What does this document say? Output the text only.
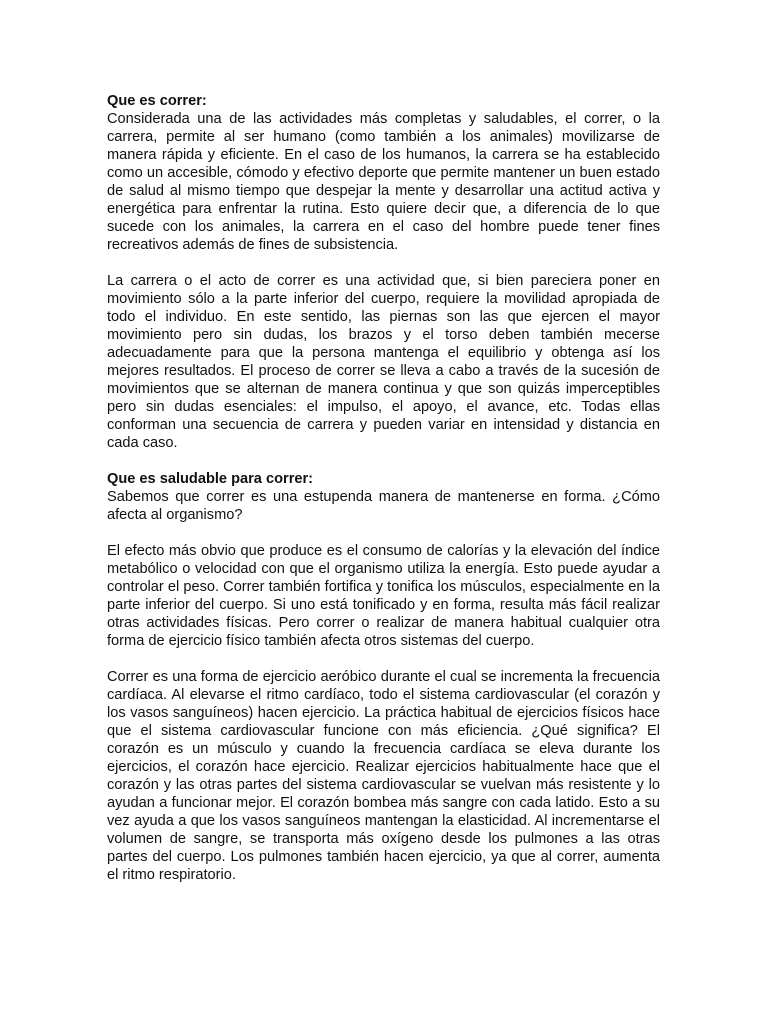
Que es correr:

Considerada una de las actividades más completas y saludables, el correr, o la carrera, permite al ser humano (como también a los animales) movilizarse de manera rápida y eficiente. En el caso de los humanos, la carrera se ha establecido como un accesible, cómodo y efectivo deporte que permite mantener un buen estado de salud al mismo tiempo que despejar la mente y desarrollar una actitud activa y energética para enfrentar la rutina. Esto quiere decir que, a diferencia de lo que sucede con los animales, la carrera en el caso del hombre puede tener fines recreativos además de fines de subsistencia.

La carrera o el acto de correr es una actividad que, si bien pareciera poner en movimiento sólo a la parte inferior del cuerpo, requiere la movilidad apropiada de todo el individuo. En este sentido, las piernas son las que ejercen el mayor movimiento pero sin dudas, los brazos y el torso deben también mecerse adecuadamente para que la persona mantenga el equilibrio y obtenga así los mejores resultados. El proceso de correr se lleva a cabo a través de la sucesión de movimientos que se alternan de manera continua y que son quizás imperceptibles pero sin dudas esenciales: el impulso, el apoyo, el avance, etc. Todas ellas conforman una secuencia de carrera y pueden variar en intensidad y distancia en cada caso.

Que es saludable para correr:

Sabemos que correr es una estupenda manera de mantenerse en forma. ¿Cómo afecta al organismo?

El efecto más obvio que produce es el consumo de calorías y la elevación del índice metabólico o velocidad con que el organismo utiliza la energía. Esto puede ayudar a controlar el peso. Correr también fortifica y tonifica los músculos, especialmente en la parte inferior del cuerpo. Si uno está tonificado y en forma, resulta más fácil realizar otras actividades físicas. Pero correr o realizar de manera habitual cualquier otra forma de ejercicio físico también afecta otros sistemas del cuerpo.

Correr es una forma de ejercicio aeróbico durante el cual se incrementa la frecuencia cardíaca. Al elevarse el ritmo cardíaco, todo el sistema cardiovascular (el corazón y los vasos sanguíneos) hacen ejercicio. La práctica habitual de ejercicios físicos hace que el sistema cardiovascular funcione con más eficiencia. ¿Qué significa? El corazón es un músculo y cuando la frecuencia cardíaca se eleva durante los ejercicios, el corazón hace ejercicio. Realizar ejercicios habitualmente hace que el corazón y las otras partes del sistema cardiovascular se vuelvan más resistente y lo ayudan a funcionar mejor. El corazón bombea más sangre con cada latido. Esto a su vez ayuda a que los vasos sanguíneos mantengan la elasticidad. Al incrementarse el volumen de sangre, se transporta más oxígeno desde los pulmones a las otras partes del cuerpo. Los pulmones también hacen ejercicio, ya que al correr, aumenta el ritmo respiratorio.
